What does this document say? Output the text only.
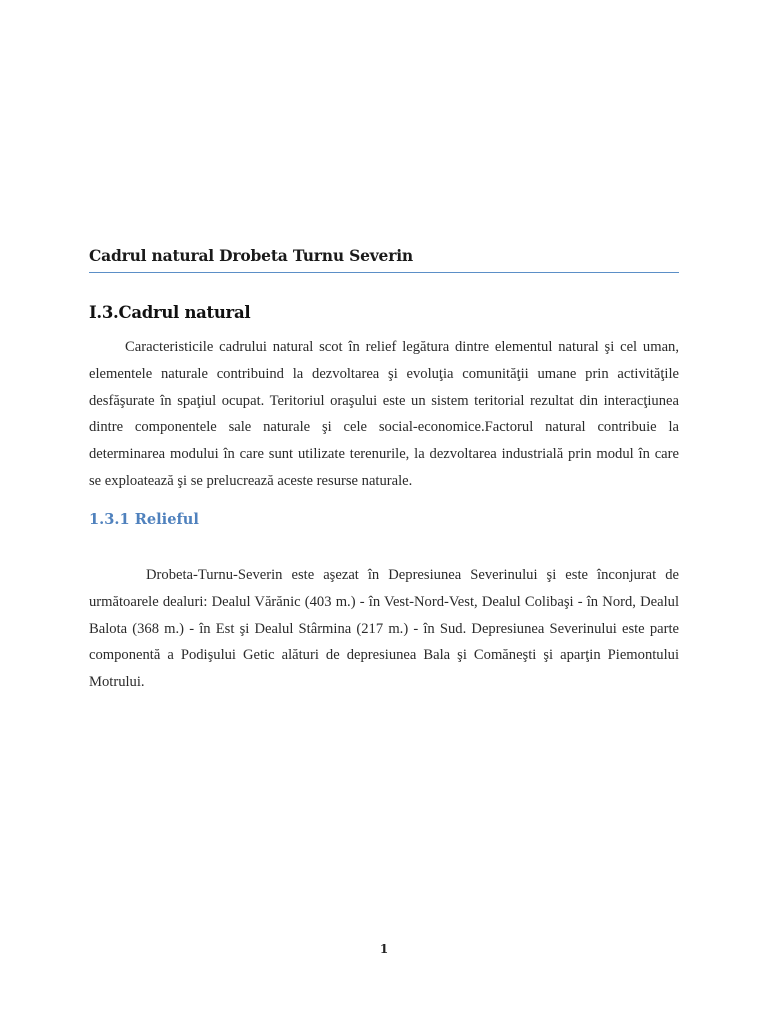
Cadrul natural Drobeta Turnu Severin
I.3.Cadrul natural

Caracteristicile cadrului natural scot în relief legătura dintre elementul natural şi cel uman, elementele naturale contribuind la dezvoltarea şi evoluţia comunităţii umane prin activităţile desfăşurate în spaţiul ocupat. Teritoriul oraşului este un sistem teritorial rezultat din interacţiunea dintre componentele sale naturale şi cele social-economice.Factorul natural contribuie la determinarea modului în care sunt utilizate terenurile, la dezvoltarea industrială prin modul în care se exploatează şi se prelucrează aceste resurse naturale.

1.3.1 Relieful

Drobeta-Turnu-Severin este aşezat în Depresiunea Severinului şi este înconjurat de următoarele dealuri: Dealul Vărănic (403 m.) - în Vest-Nord-Vest, Dealul Colibaşi - în Nord, Dealul Balota (368 m.) - în Est şi Dealul Stârmina (217 m.) - în Sud. Depresiunea Severinului este parte componentă a Podişului Getic alături de depresiunea Bala şi Comăneşti şi aparţin Piemontului Motrului.

1
